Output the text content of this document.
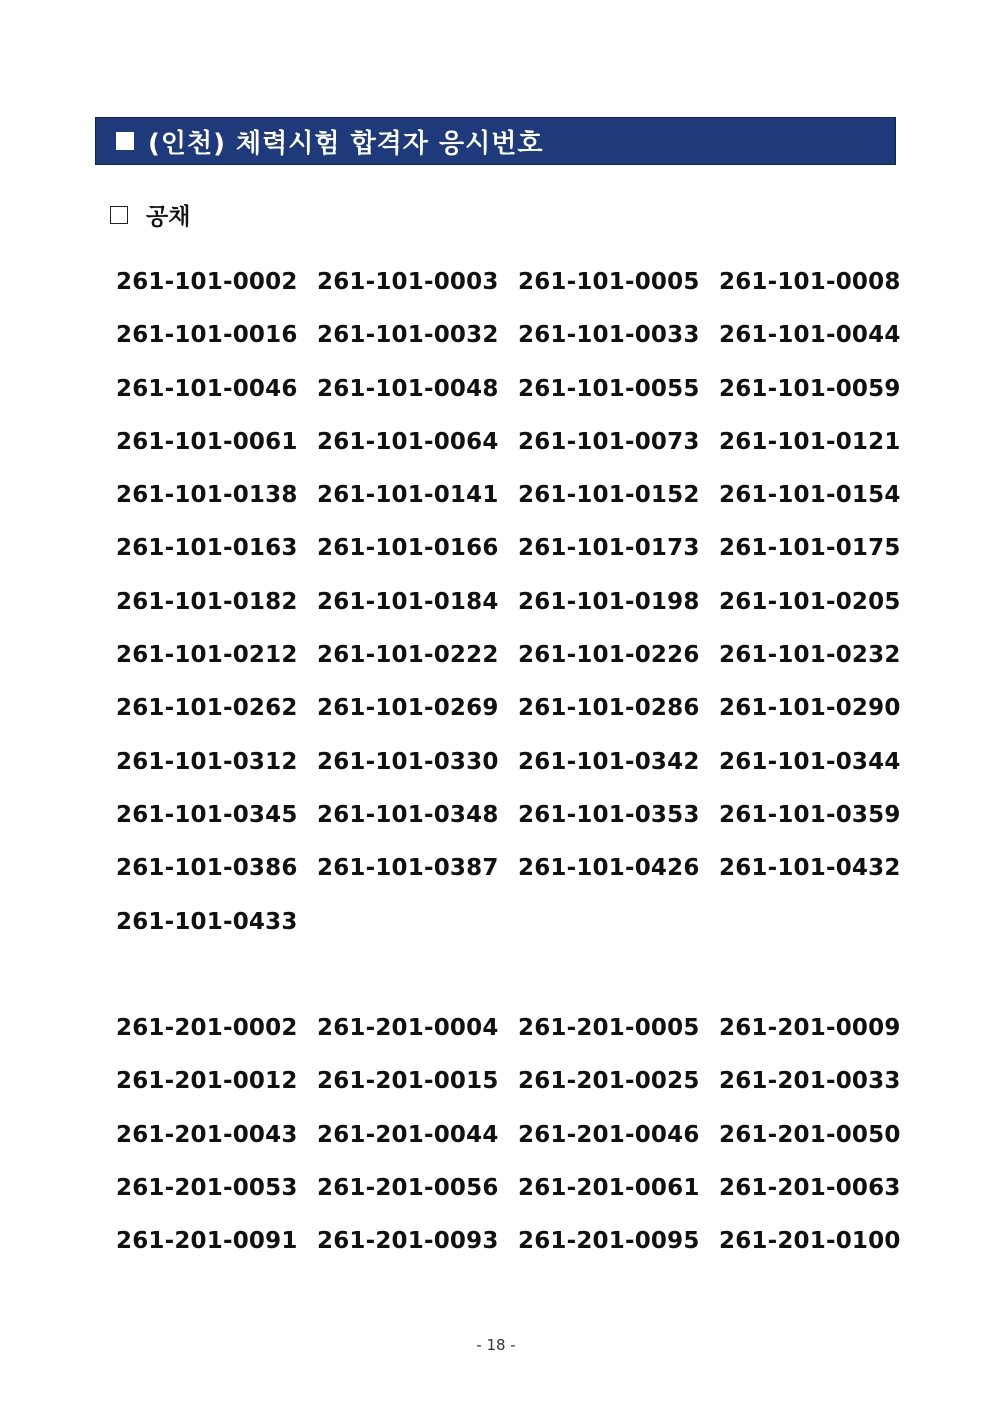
(인천) 체력시험 합격자 응시번호
공채
261-101-0002 261-101-0003 261-101-0005 261-101-0008
261-101-0016 261-101-0032 261-101-0033 261-101-0044
261-101-0046 261-101-0048 261-101-0055 261-101-0059
261-101-0061 261-101-0064 261-101-0073 261-101-0121
261-101-0138 261-101-0141 261-101-0152 261-101-0154
261-101-0163 261-101-0166 261-101-0173 261-101-0175
261-101-0182 261-101-0184 261-101-0198 261-101-0205
261-101-0212 261-101-0222 261-101-0226 261-101-0232
261-101-0262 261-101-0269 261-101-0286 261-101-0290
261-101-0312 261-101-0330 261-101-0342 261-101-0344
261-101-0345 261-101-0348 261-101-0353 261-101-0359
261-101-0386 261-101-0387 261-101-0426 261-101-0432
261-101-0433
261-201-0002 261-201-0004 261-201-0005 261-201-0009
261-201-0012 261-201-0015 261-201-0025 261-201-0033
261-201-0043 261-201-0044 261-201-0046 261-201-0050
261-201-0053 261-201-0056 261-201-0061 261-201-0063
261-201-0091 261-201-0093 261-201-0095 261-201-0100
- 18 -
